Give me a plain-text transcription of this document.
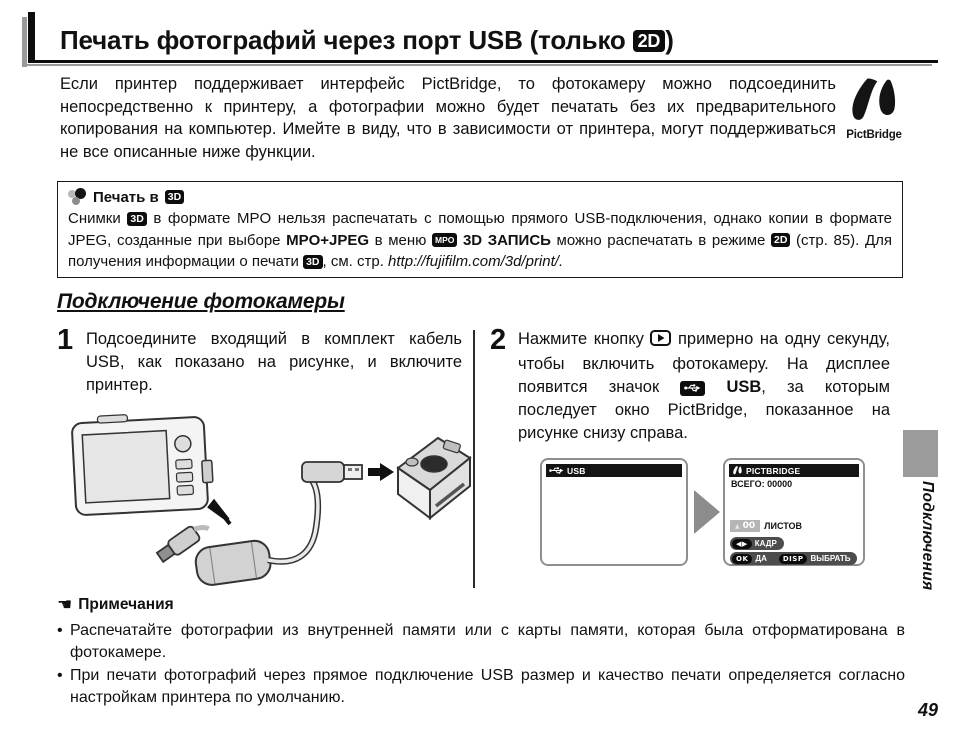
Печать фотографий через порт USB (только 2D )

Если принтер поддерживает интерфейс PictBridge, то фотокамеру можно подсоединить непосредственно к принтеру, а фотографии можно будет печатать без их предварительного копирования на компьютер. Имейте в виду, что в зависимости от принтера, могут поддерживаться не все описанные ниже функции.

PictBridge
Печать в 3D

Снимки 3D в формате MPO нельзя распечатать с помощью прямого USB-подключения, однако копии в формате JPEG, созданные при выборе MPO+JPEG в меню MPO 3D ЗАПИСЬ можно распечатать в режиме 2D (стр. 85). Для получения информации о печати 3D , см. стр. http://fujifilm.com/3d/print/.

Подключение фотокамеры
1 Подсоедините входящий в комплект кабель USB, как показано на рисунке, и включите принтер.

2 Нажмите кнопку  примерно на одну секунду, чтобы включить фотокамеру. На дисплее появится значок	USB, за которым последует окно PictBridge, показанное на рисунке снизу справа.

USB	PICTBRIDGE
ВСЕГО: 00000
▲ 00 ЛИСТОВ
◀▶ КАДР
OK ДА	DISP ВЫБРАТЬ
☚ Примечания

• Распечатайте фотографии из внутренней памяти или с карты памяти, которая была отформатирована в фотокамере.

• При печати фотографий через прямое подключение USB размер и качество печати определяется согласно настройкам принтера по умолчанию.

Подключения
49
